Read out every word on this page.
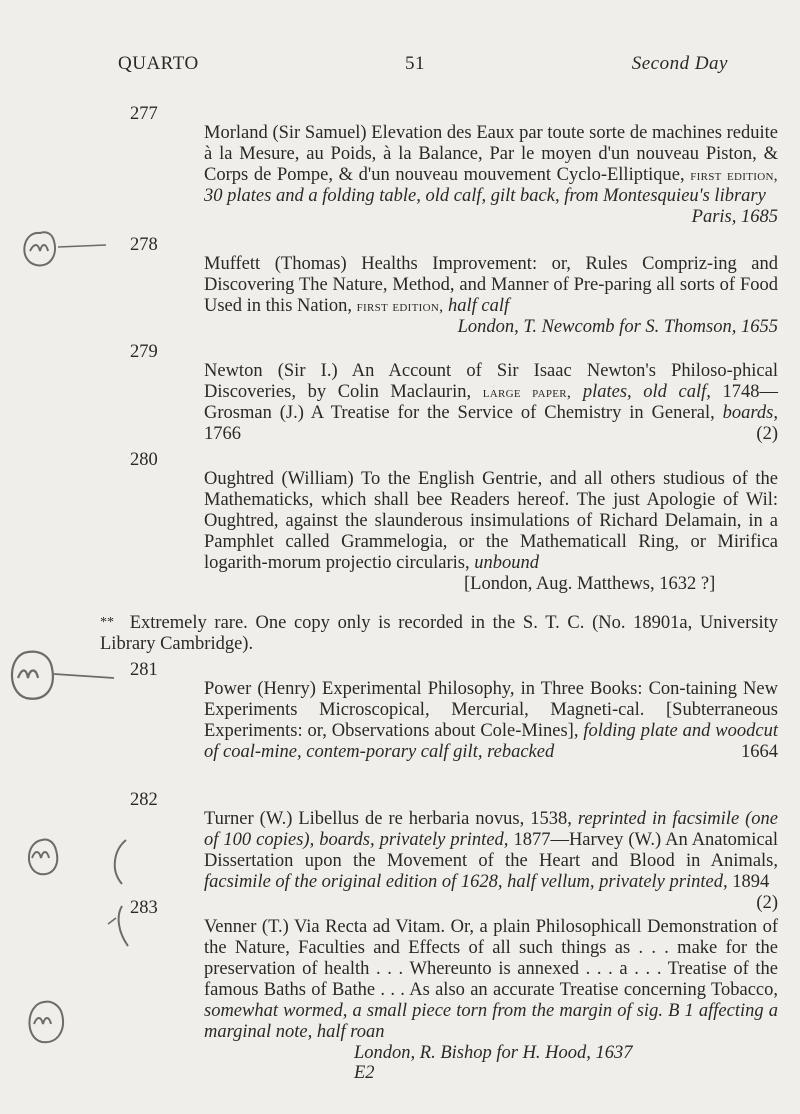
QUARTO	51	Second Day
277

Morland (Sir Samuel) Elevation des Eaux par toute sorte de machines reduite à la Mesure, au Poids, à la Balance, Par le moyen d'un nouveau Piston, & Corps de Pompe, & d'un nouveau mouvement Cyclo-Elliptique, first edition, 30 plates and a folding table, old calf, gilt back, from Montesquieu's library
Paris, 1685

278

Muffett (Thomas) Healths Improvement: or, Rules Compriz-ing and Discovering The Nature, Method, and Manner of Pre-paring all sorts of Food Used in this Nation, first edition, half calf
London, T. Newcomb for S. Thomson, 1655

279

Newton (Sir I.) An Account of Sir Isaac Newton's Philoso-phical Discoveries, by Colin Maclaurin, large paper, plates, old calf, 1748—Grosman (J.) A Treatise for the Service of Chemistry in General, boards, 1766	(2)

280

Oughtred (William) To the English Gentrie, and all others studious of the Mathematicks, which shall bee Readers hereof. The just Apologie of Wil: Oughtred, against the slaunderous insimulations of Richard Delamain, in a Pamphlet called Grammelogia, or the Mathematicall Ring, or Mirifica logarith-morum projectio circularis, unbound
[London, Aug. Matthews, 1632 ?]

** Extremely rare. One copy only is recorded in the S. T. C. (No. 18901a, University Library Cambridge).

281

Power (Henry) Experimental Philosophy, in Three Books: Con-taining New Experiments Microscopical, Mercurial, Magneti-cal. [Subterraneous Experiments: or, Observations about Cole-Mines], folding plate and woodcut of coal-mine, contem-porary calf gilt, rebacked	1664

282

Turner (W.) Libellus de re herbaria novus, 1538, reprinted in facsimile (one of 100 copies), boards, privately printed, 1877—Harvey (W.) An Anatomical Dissertation upon the Movement of the Heart and Blood in Animals, facsimile of the original edition of 1628, half vellum, privately printed, 1894
(2)

283

Venner (T.) Via Recta ad Vitam. Or, a plain Philosophicall Demonstration of the Nature, Faculties and Effects of all such things as . . . make for the preservation of health . . . Whereunto is annexed . . . a . . . Treatise of the famous Baths of Bathe . . . As also an accurate Treatise concerning Tobacco, somewhat wormed, a small piece torn from the margin of sig. B 1 affecting a marginal note, half roan
London, R. Bishop for H. Hood, 1637
E2
